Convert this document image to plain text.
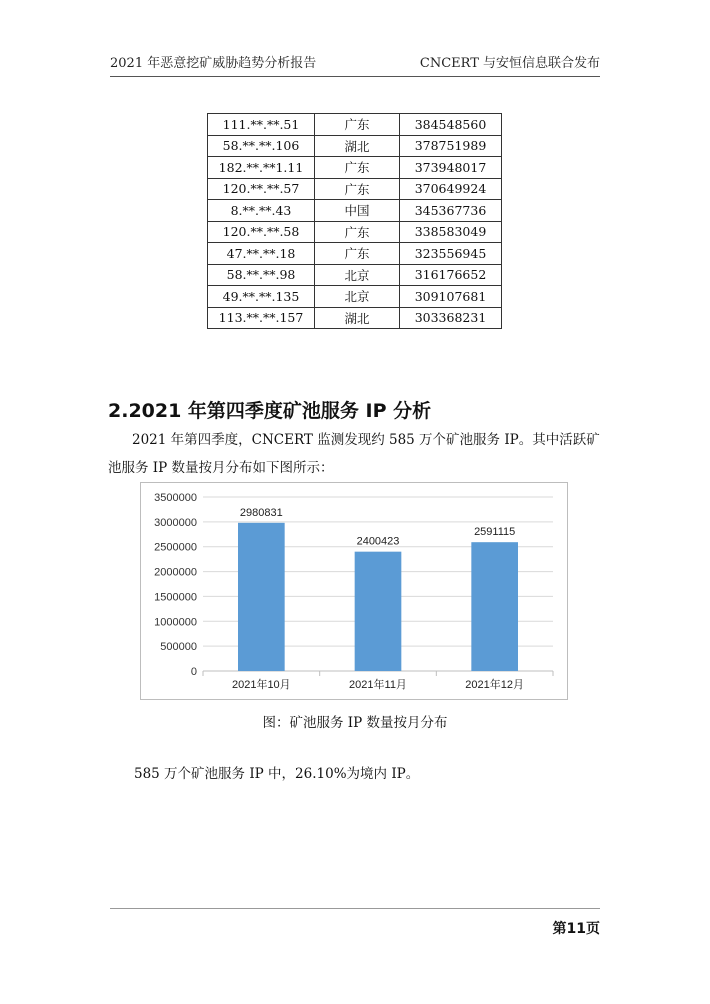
2021 年恶意挖矿威胁趋势分析报告	CNCERT 与安恒信息联合发布
111.**.**.51	广东	384548560
58.**.**.106	湖北	378751989
182.**.**1.11	广东	373948017
120.**.**.57	广东	370649924
8.**.**.43	中国	345367736
120.**.**.58	广东	338583049
47.**.**.18	广东	323556945
58.**.**.98	北京	316176652
49.**.**.135	北京	309107681
113.**.**.157	湖北	303368231
2.2021 年第四季度矿池服务 IP 分析
2021 年第四季度，CNCERT 监测发现约 585 万个矿池服务 IP。其中活跃矿池服务 IP 数量按月分布如下图所示：
0
500000
1000000
1500000
2000000
2500000
3000000
3500000
2980831
2021年10月
2400423
2021年11月
2591115
2021年12月
图：矿池服务 IP 数量按月分布
585 万个矿池服务 IP 中，26.10%为境内 IP。
第11页
